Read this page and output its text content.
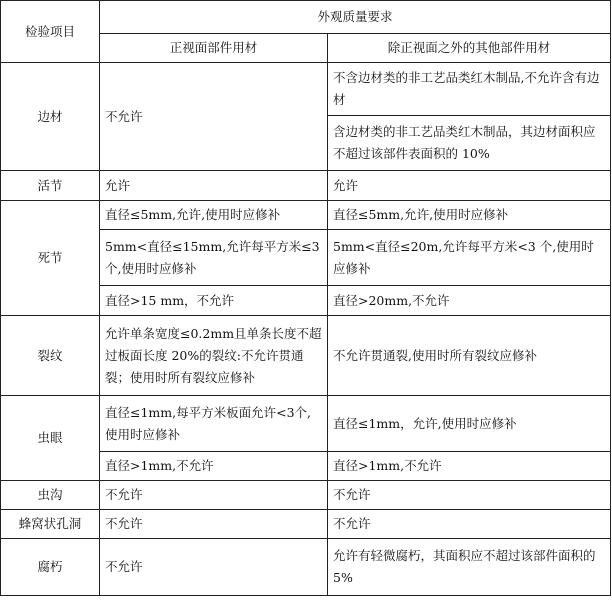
检验项目	外观质量要求	
	正视面部件用材	除正视面之外的其他部件用材
边材	不允许	不含边材类的非工艺品类红木制品,不允许含有边材
		含边材类的非工艺品类红木制品，其边材面积应不超过该部件表面积的 10%
活节	允许	允许
死节	直径≤5mm,允许,使用时应修补	直径≤5mm,允许,使用时应修补
	5mm<直径≤15mm,允许每平方米≤3个,使用时应修补	5mm<直径≤20m,允许每平方米<3 个,使用时应修补
	直径>15 mm，不允许	直径>20mm,不允许
裂纹	允许单条宽度≤0.2mm且单条长度不超过板面长度 20%的裂纹:不允许贯通裂；使用时所有裂纹应修补	不允许贯通裂,使用时所有裂纹应修补
虫眼	直径≤1mm,每平方米板面允许<3个,使用时应修补	直径≤1mm，允许,使用时应修补
	直径>1mm,不允许	直径>1mm,不允许
虫沟	不允许	不允许
蜂窝状孔洞	不允许	不允许
腐朽	不允许	允许有轻微腐朽，其面积应不超过该部件面积的 5%
